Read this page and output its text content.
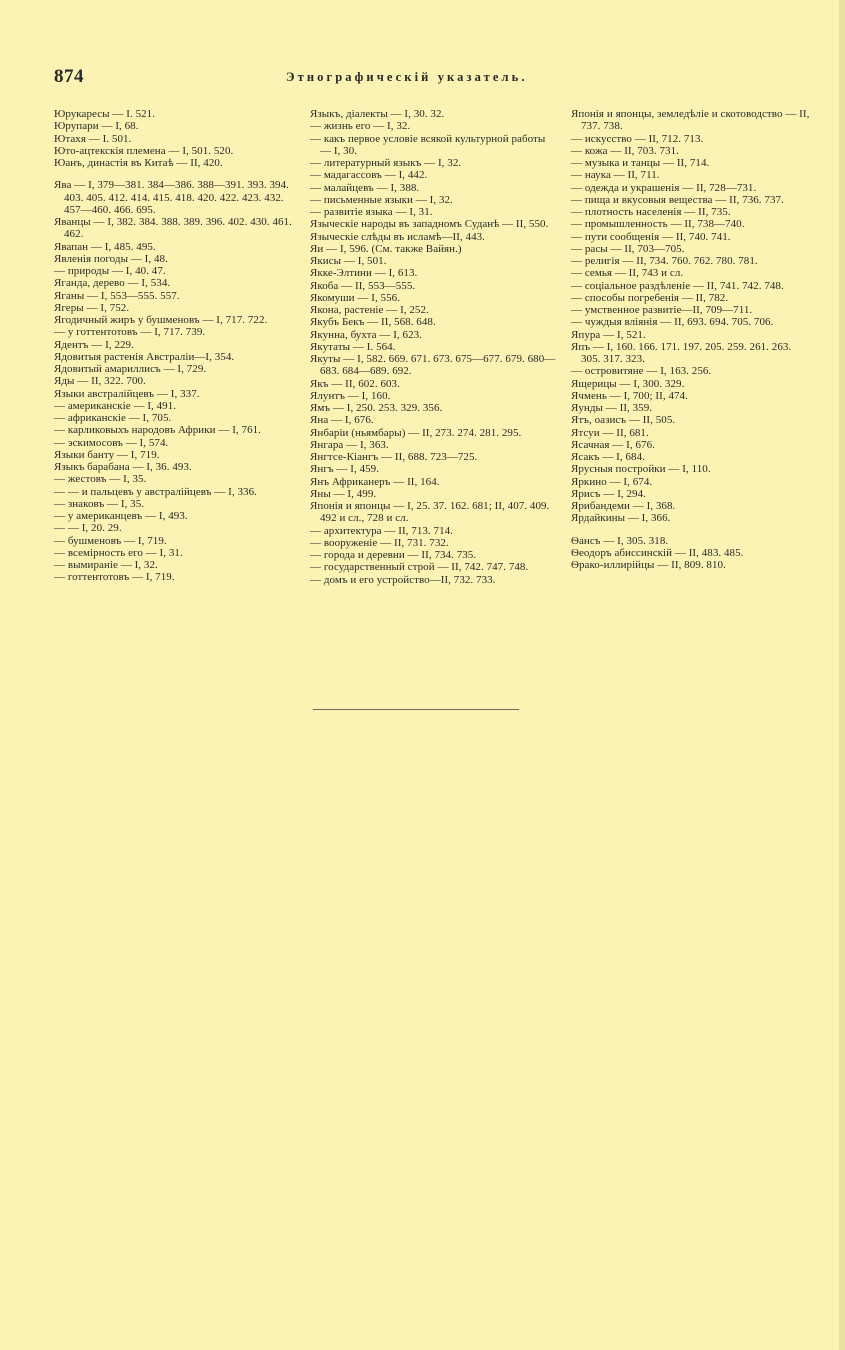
874	Этнографическій указатель.
Юрукаресы — I. 521.
Юрупари — I, 68.
Ютахя — I. 501.
Юто-ацтекскія племена — I, 501. 520.
Юанъ, династія въ Китаѣ — II, 420.
Ява — I, 379—381. 384—386. 388—391. 393. 394. 403. 405. 412. 414. 415. 418. 420. 422. 423. 432. 457—460. 466. 695.
Яванцы — I, 382. 384. 388. 389. 396. 402. 430. 461. 462.
Явапан — I, 485. 495.
Явленія погоды — I, 48.
— природы — I, 40. 47.
Яганда, дерево — I, 534.
Яганы — I, 553—555. 557.
Ягеры — I, 752.
Ягодичный жиръ у бушменовъ — I, 717. 722.
— у готтентотовъ — I, 717. 739.
Ядентъ — I, 229.
Ядовитыя растенія Австраліи—I, 354.
Ядовитый амариллисъ — I, 729.
Яды — II, 322. 700.
Языки австралійцевъ — I, 337.
— американскіе — I, 491.
— африканскіе — I, 705.
— карликовыхъ народовъ Африки — I, 761.
— эскимосовъ — I, 574.
Языки банту — I, 719.
Языкъ барабана — I, 36. 493.
— жестовъ — I, 35.
— — и пальцевъ у австралійцевъ — I, 336.
— знаковъ — I, 35.
— у американцевъ — I, 493.
— — I, 20. 29.
— бушменовъ — I, 719.
— всемірность его — I, 31.
— вымираніе — I, 32.
— готтентотовъ — I, 719.
Языкъ, діалекты — I, 30. 32.
— жизнь его — I, 32.
— какъ первое условіе всякой культурной работы — I, 30.
— литературный языкъ — I, 32.
— мадагассовъ — I, 442.
— малайцевъ — I, 388.
— письменные языки — I, 32.
— развитіе языка — I, 31.
Языческіе народы въ западномъ Суданѣ — II, 550.
Языческіе слѣды въ исламѣ—II, 443.
Яи — I, 596. (См. также Вайян.)
Якисы — I, 501.
Якке-Элтини — I, 613.
Якоба — II, 553—555.
Якомуши — I, 556.
Якона, растеніе — I, 252.
Якубъ Бекъ — II, 568. 648.
Якунна, бухта — I, 623.
Якутаты — I. 564.
Якуты — I, 582. 669. 671. 673. 675—677. 679. 680—683. 684—689. 692.
Якъ — II, 602. 603.
Ялунтъ — I, 160.
Ямъ — I, 250. 253. 329. 356.
Яна — I, 676.
Янбаріи (ньямбары) — II, 273. 274. 281. 295.
Янгара — I, 363.
Янгтсе-Кіангъ — II, 688. 723—725.
Янгъ — I, 459.
Янъ Африканеръ — II, 164.
Яны — I, 499.
Японія и японцы — I, 25. 37. 162. 681; II, 407. 409. 492 и сл., 728 и сл.
— архитектура — II, 713. 714.
— вооруженіе — II, 731. 732.
— города и деревни — II, 734. 735.
— государственный строй — II, 742. 747. 748.
— домъ и его устройство—II, 732. 733.
Японія и японцы, земледѣліе и скотоводство — II, 737. 738.
— искусство — II, 712. 713.
— кожа — II, 703. 731.
— музыка и танцы — II, 714.
— наука — II, 711.
— одежда и украшенія — II, 728—731.
— пища и вкусовыя вещества — II, 736. 737.
— плотность населенія — II, 735.
— промышленность — II, 738—740.
— пути сообщенія — II, 740. 741.
— расы — II, 703—705.
— религія — II, 734. 760. 762. 780. 781.
— семья — II, 743 и сл.
— соціальное раздѣленіе — II, 741. 742. 748.
— способы погребенія — II, 782.
— умственное развитіе—II, 709—711.
— чуждыя вліянія — II, 693. 694. 705. 706.
Япура — I, 521.
Япъ — I, 160. 166. 171. 197. 205. 259. 261. 263. 305. 317. 323.
— островитяне — I, 163. 256.
Ящерицы — I, 300. 329.
Ячмень — I, 700; II, 474.
Яунды — II, 359.
Ятъ, оазисъ — II, 505.
Ятсуи — II, 681.
Ясачная — I, 676.
Ясакъ — I, 684.
Ярусныя постройки — I, 110.
Яркино — I, 674.
Ярисъ — I, 294.
Ярибандеми — I, 368.
Ярдайкины — I, 366.
Ѳансъ — I, 305. 318.
Ѳеодоръ абиссинскій — II, 483. 485.
Ѳрако-иллирійцы — II, 809. 810.
